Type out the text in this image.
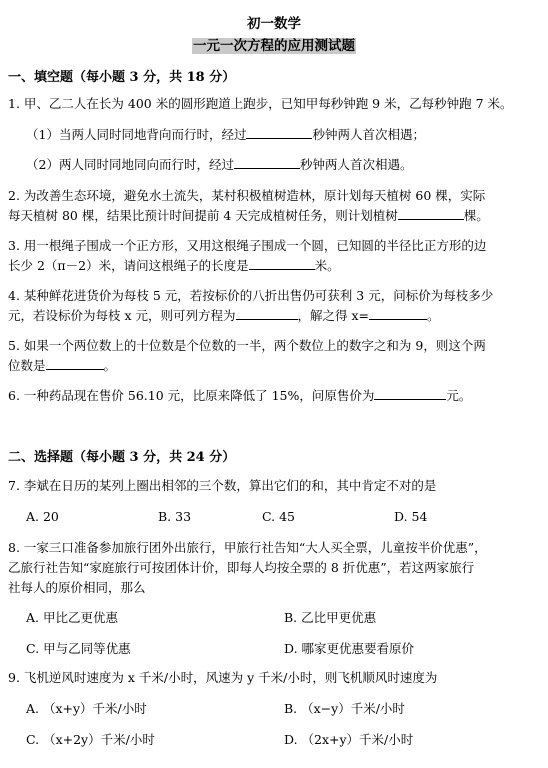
初一数学
一元一次方程的应用测试题
一、填空题（每小题 3 分，共 18 分）
1. 甲、乙二人在长为 400 米的圆形跑道上跑步，已知甲每秒钟跑 9 米，乙每秒钟跑 7 米。
（1）当两人同时同地背向而行时，经过	秒钟两人首次相遇；
（2）两人同时同地同向而行时，经过	秒钟两人首次相遇。
2. 为改善生态环境，避免水土流失，某村积极植树造林，原计划每天植树 60 棵，实际
每天植树 80 棵，结果比预计时间提前 4 天完成植树任务，则计划植树	棵。
3. 用一根绳子围成一个正方形，又用这根绳子围成一个圆，已知圆的半径比正方形的边
长少 2（π－2）米，请问这根绳子的长度是	米。
4. 某种鲜花进货价为每枝 5 元，若按标价的八折出售仍可获利 3 元，问标价为每枝多少
元，若设标价为每枝 x 元，则可列方程为	，解之得 x=	。
5. 如果一个两位数上的十位数是个位数的一半，两个数位上的数字之和为 9，则这个两
位数是	。
6. 一种药品现在售价 56.10 元，比原来降低了 15%，问原售价为	元。
二、选择题（每小题 3 分，共 24 分）
7. 李斌在日历的某列上圈出相邻的三个数，算出它们的和，其中肯定不对的是
A. 20	B. 33	C. 45	D. 54
8. 一家三口准备参加旅行团外出旅行，甲旅行社告知“大人买全票，儿童按半价优惠”，
乙旅行社告知“家庭旅行可按团体计价，即每人均按全票的 8 折优惠”，若这两家旅行
社每人的原价相同，那么
A. 甲比乙更优惠	B. 乙比甲更优惠
C. 甲与乙同等优惠	D. 哪家更优惠要看原价
9. 飞机逆风时速度为 x 千米/小时，风速为 y 千米/小时，则飞机顺风时速度为
A. （x+y）千米/小时	B. （x−y）千米/小时
C. （x+2y）千米/小时	D. （2x+y）千米/小时
